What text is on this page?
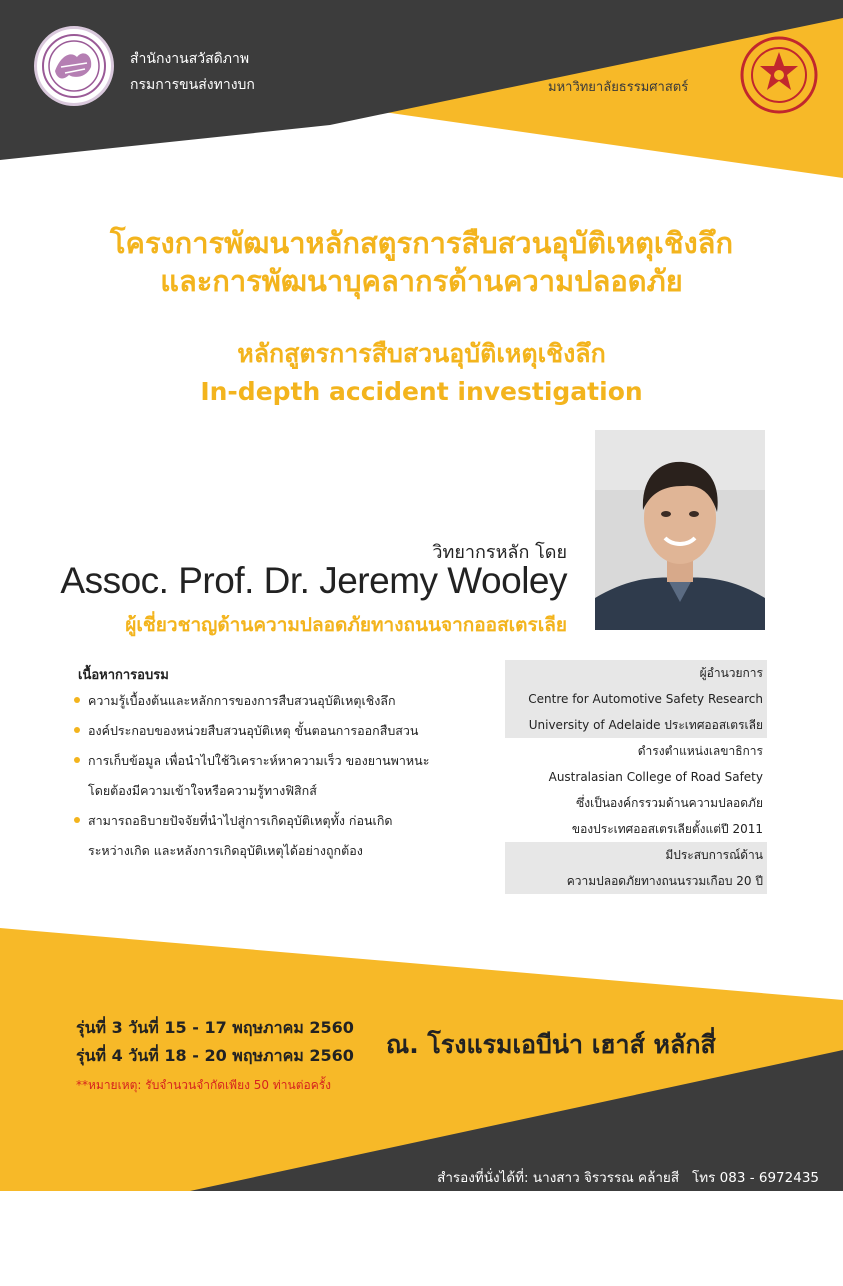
สำนักงานสวัสดิภาพ
กรมการขนส่งทางบก	มหาวิทยาลัยธรรมศาสตร์
โครงการพัฒนาหลักสตูรการสืบสวนอุบัติเหตุเชิงลึก
และการพัฒนาบุคลากรด้านความปลอดภัย
หลักสูตรการสืบสวนอุบัติเหตุเชิงลึก
In-depth accident investigation
วิทยากรหลัก โดย
Assoc. Prof. Dr. Jeremy Wooley
ผู้เชี่ยวชาญด้านความปลอดภัยทางถนนจากออสเตรเลีย
เนื้อหาการอบรม
ความรู้เบื้องต้นและหลักการของการสืบสวนอุบัติเหตุเชิงลึก
องค์ประกอบของหน่วยสืบสวนอุบัติเหตุ ขั้นตอนการออกสืบสวน
การเก็บข้อมูล เพื่อนำไปใช้วิเคราะห์หาความเร็ว ของยานพาหนะ
โดยต้องมีความเข้าใจหรือความรู้ทางฟิสิกส์
สามารถอธิบายปัจจัยที่นำไปสู่การเกิดอุบัติเหตุทั้ง ก่อนเกิด
ระหว่างเกิด และหลังการเกิดอุบัติเหตุได้อย่างถูกต้อง
ผู้อำนวยการ
Centre for Automotive Safety Research
University of Adelaide ประเทศออสเตรเลีย
ดำรงตำแหน่งเลขาธิการ
Australasian College of Road Safety
ซึ่งเป็นองค์กรรวมด้านความปลอดภัย
ของประเทศออสเตรเลียตั้งแต่ปี 2011
มีประสบการณ์ด้าน
ความปลอดภัยทางถนนรวมเกือบ 20 ปี
รุ่นที่ 3 วันที่ 15 - 17 พฤษภาคม 2560
รุ่นที่ 4 วันที่ 18 - 20 พฤษภาคม 2560
**หมายเหตุ: รับจำนวนจำกัดเพียง 50 ท่านต่อครั้ง
ณ. โรงแรมเอบีน่า เฮาส์ หลักสี่

สำรองที่นั่งได้ที่: นางสาว จิรวรรณ คล้ายสี   โทร 083 - 6972435

นางสาว น้ำทิพย์ พรโชคชัย   โทร 063 - 2364555
